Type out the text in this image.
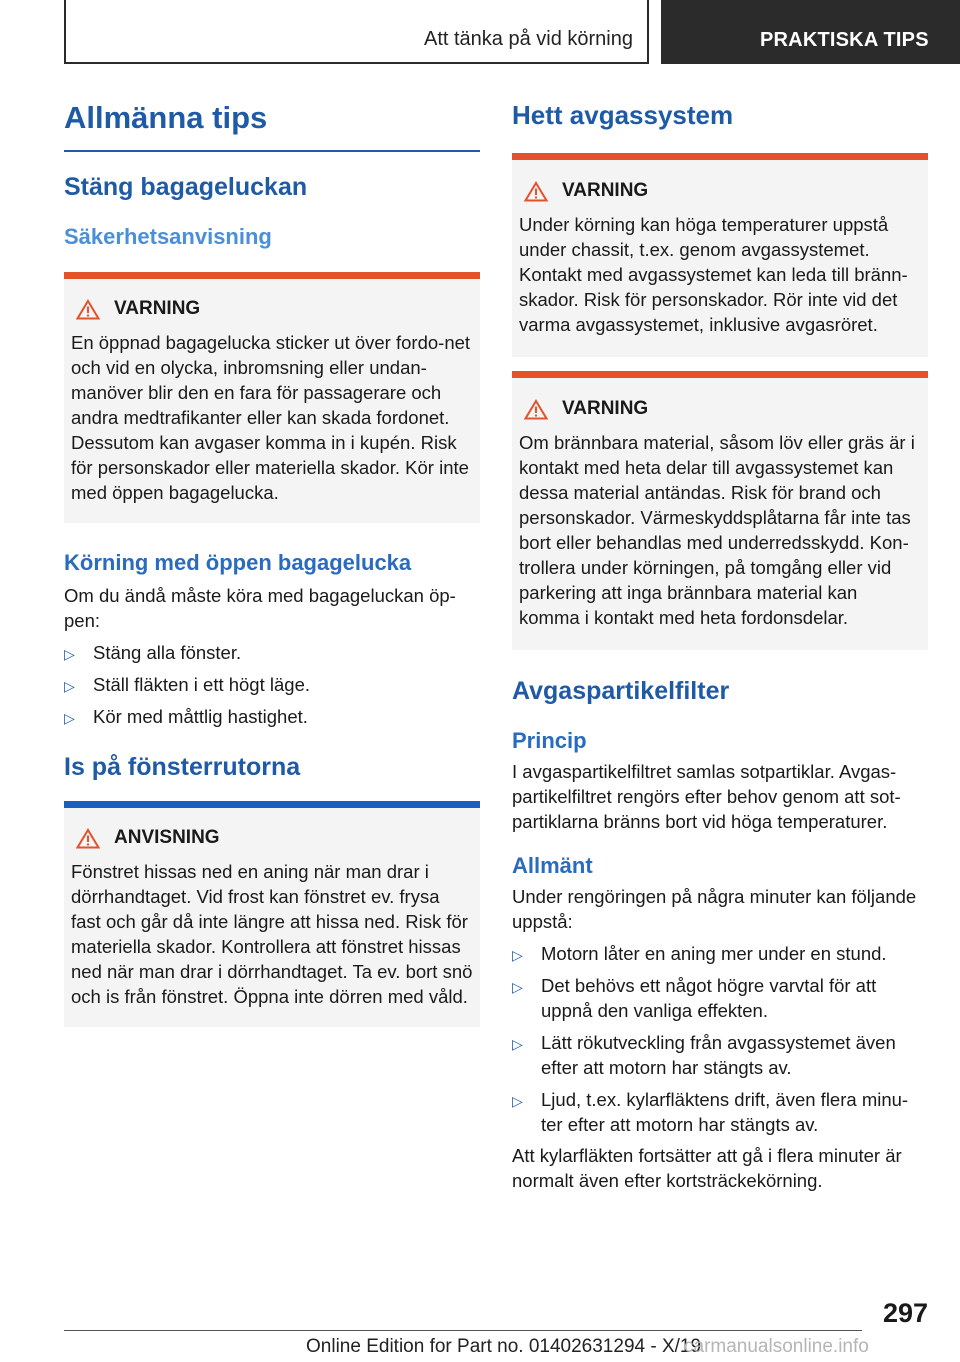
Att tänka på vid körning	PRAKTISKA TIPS
Allmänna tips
Stäng bagageluckan
Säkerhetsanvisning
VARNING

En öppnad bagagelucka sticker ut över fordo-net och vid en olycka, inbromsning eller undan-manöver blir den en fara för passagerare och andra medtrafikanter eller kan skada fordonet. Dessutom kan avgaser komma in i kupén. Risk för personskador eller materiella skador. Kör inte med öppen bagagelucka.

Körning med öppen bagagelucka

Om du ändå måste köra med bagageluckan öp-pen:

▷ Stäng alla fönster.
▷ Ställ fläkten i ett högt läge.
▷ Kör med måttlig hastighet.
Is på fönsterrutorna
ANVISNING

Fönstret hissas ned en aning när man drar i dörrhandtaget. Vid frost kan fönstret ev. frysa fast och går då inte längre att hissa ned. Risk för materiella skador. Kontrollera att fönstret hissas ned när man drar i dörrhandtaget. Ta ev. bort snö och is från fönstret. Öppna inte dörren med våld.

Hett avgassystem
VARNING

Under körning kan höga temperaturer uppstå under chassit, t.ex. genom avgassystemet. Kontakt med avgassystemet kan leda till bränn-skador. Risk för personskador. Rör inte vid det varma avgassystemet, inklusive avgasröret.

VARNING

Om brännbara material, såsom löv eller gräs är i kontakt med heta delar till avgassystemet kan dessa material antändas. Risk för brand och personskador. Värmeskyddsplåtarna får inte tas bort eller behandlas med underredsskydd. Kon-trollera under körningen, på tomgång eller vid parkering att inga brännbara material kan komma i kontakt med heta fordonsdelar.

Avgaspartikelfilter
Princip

I avgaspartikelfiltret samlas sotpartiklar. Avgas-partikelfiltret rengörs efter behov genom att sot-partiklarna bränns bort vid höga temperaturer.

Allmänt

Under rengöringen på några minuter kan följande uppstå:

▷ Motorn låter en aning mer under en stund.
▷ Det behövs ett något högre varvtal för att uppnå den vanliga effekten.
▷ Lätt rökutveckling från avgassystemet även efter att motorn har stängts av.
▷ Ljud, t.ex. kylarfläktens drift, även flera minu-ter efter att motorn har stängts av.

Att kylarfläkten fortsätter att gå i flera minuter är normalt även efter kortsträckekörning.

297
Online Edition for Part no. 01402631294 - X/19
carmanualsonline.info
